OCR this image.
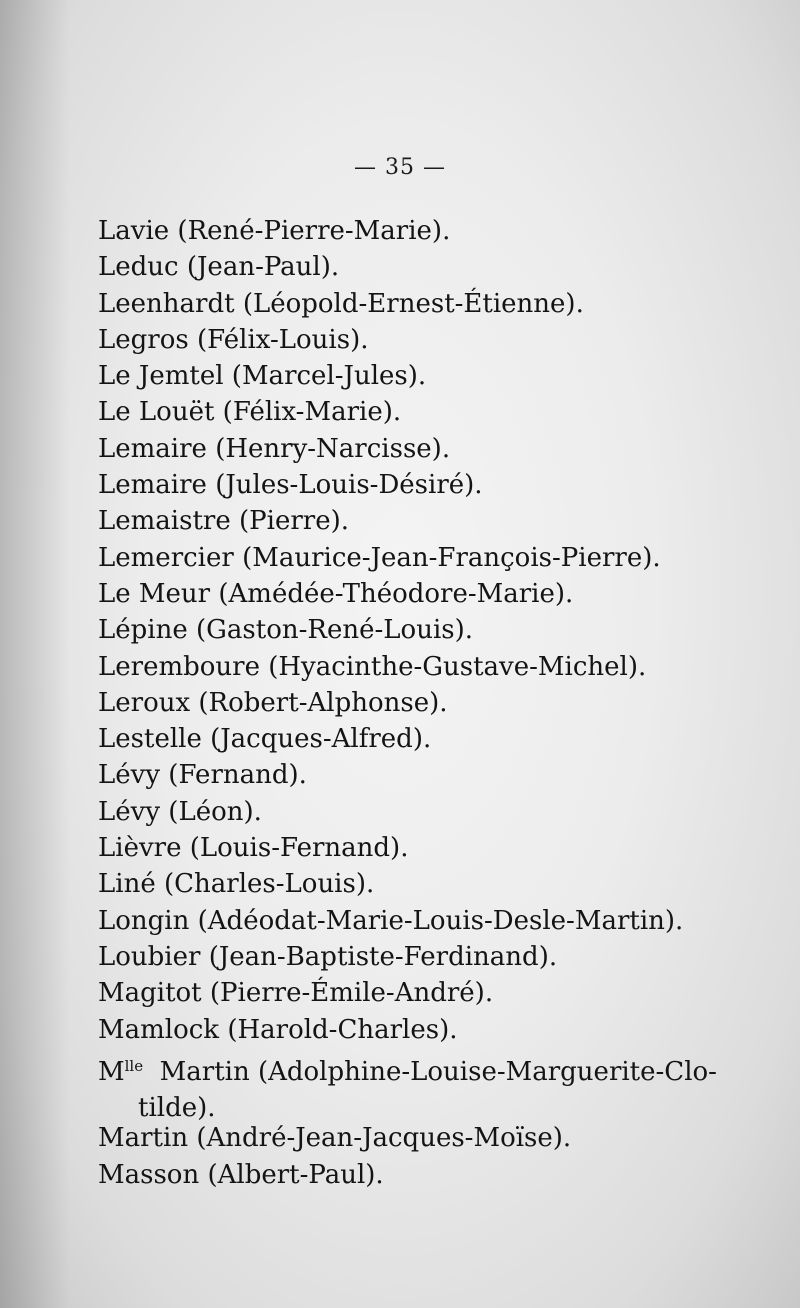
— 35 —
Lavie (René-Pierre-Marie).
Leduc (Jean-Paul).
Leenhardt (Léopold-Ernest-Étienne).
Legros (Félix-Louis).
Le Jemtel (Marcel-Jules).
Le Louët (Félix-Marie).
Lemaire (Henry-Narcisse).
Lemaire (Jules-Louis-Désiré).
Lemaistre (Pierre).
Lemercier (Maurice-Jean-François-Pierre).
Le Meur (Amédée-Théodore-Marie).
Lépine (Gaston-René-Louis).
Leremboure (Hyacinthe-Gustave-Michel).
Leroux (Robert-Alphonse).
Lestelle (Jacques-Alfred).
Lévy (Fernand).
Lévy (Léon).
Lièvre (Louis-Fernand).
Liné (Charles-Louis).
Longin (Adéodat-Marie-Louis-Desle-Martin).
Loubier (Jean-Baptiste-Ferdinand).
Magitot (Pierre-Émile-André).
Mamlock (Harold-Charles).
$M^{lle}$ Martin (Adolphine-Louise-Marguerite-Clo-
tilde).
Martin (André-Jean-Jacques-Moïse).
Masson (Albert-Paul).
